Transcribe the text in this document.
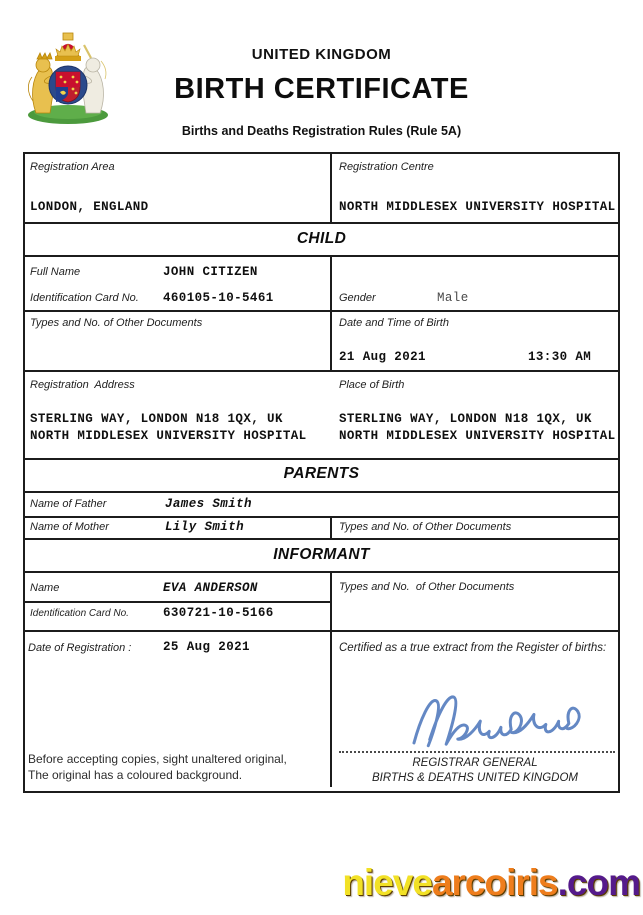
UNITED KINGDOM
BIRTH CERTIFICATE
Births and Deaths Registration Rules (Rule 5A)
Registration Area
LONDON, ENGLAND
Registration Centre
NORTH MIDDLESEX UNIVERSITY HOSPITAL
CHILD
Full Name	JOHN CITIZEN
Identification Card No. 460105-10-5461	Gender	Male
Types and No. of Other Documents	Date and Time of Birth
21 Aug 2021	13:30 AM
Registration  Address
STERLING WAY, LONDON N18 1QX, UK
NORTH MIDDLESEX UNIVERSITY HOSPITAL
Place of Birth
STERLING WAY, LONDON N18 1QX, UK
NORTH MIDDLESEX UNIVERSITY HOSPITAL
PARENTS
Name of Father	James Smith
Name of Mother	Lily Smith	Types and No. of Other Documents
INFORMANT
Name	EVA ANDERSON	Types and No.  of Other Documents
Identification Card No.	630721-10-5166
Date of Registration :	25 Aug 2021
Before accepting copies, sight unaltered original,
The original has a coloured background.
Certified as a true extract from the Register of births:
REGISTRAR GENERAL
BIRTHS & DEATHS UNITED KINGDOM
nievearcoiris.com
